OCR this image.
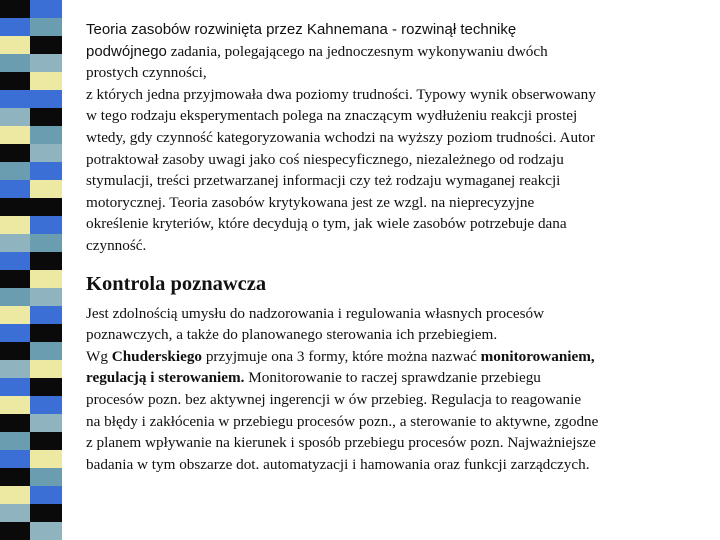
Teoria zasobów rozwinięta przez Kahnemana - rozwinął technikę
podwójnego zadania, polegającego na jednoczesnym wykonywaniu dwóch
prostych czynności,
z których jedna przyjmowała dwa poziomy trudności. Typowy wynik obserwowany
w tego rodzaju eksperymentach polega na znaczącym wydłużeniu reakcji prostej
wtedy, gdy czynność kategoryzowania wchodzi na wyższy poziom trudności. Autor
potraktował zasoby uwagi jako coś niespecyficznego, niezależnego od rodzaju
stymulacji, treści przetwarzanej informacji czy też rodzaju wymaganej reakcji
motorycznej. Teoria zasobów krytykowana jest ze wzgl. na nieprecyzyjne
określenie kryteriów, które decydują o tym, jak wiele zasobów potrzebuje dana
czynność.

Kontrola poznawcza

Jest zdolnością umysłu do nadzorowania i regulowania własnych procesów
poznawczych, a także do planowanego sterowania ich przebiegiem.
Wg Chuderskiego przyjmuje ona 3 formy, które można nazwać monitorowaniem,
regulacją i sterowaniem. Monitorowanie to raczej sprawdzanie przebiegu
procesów pozn. bez aktywnej ingerencji w ów przebieg. Regulacja to reagowanie
na błędy i zakłócenia w przebiegu procesów pozn., a sterowanie to aktywne, zgodne
z planem wpływanie na kierunek i sposób przebiegu procesów pozn. Najważniejsze
badania w tym obszarze dot. automatyzacji i hamowania oraz funkcji zarządczych.
